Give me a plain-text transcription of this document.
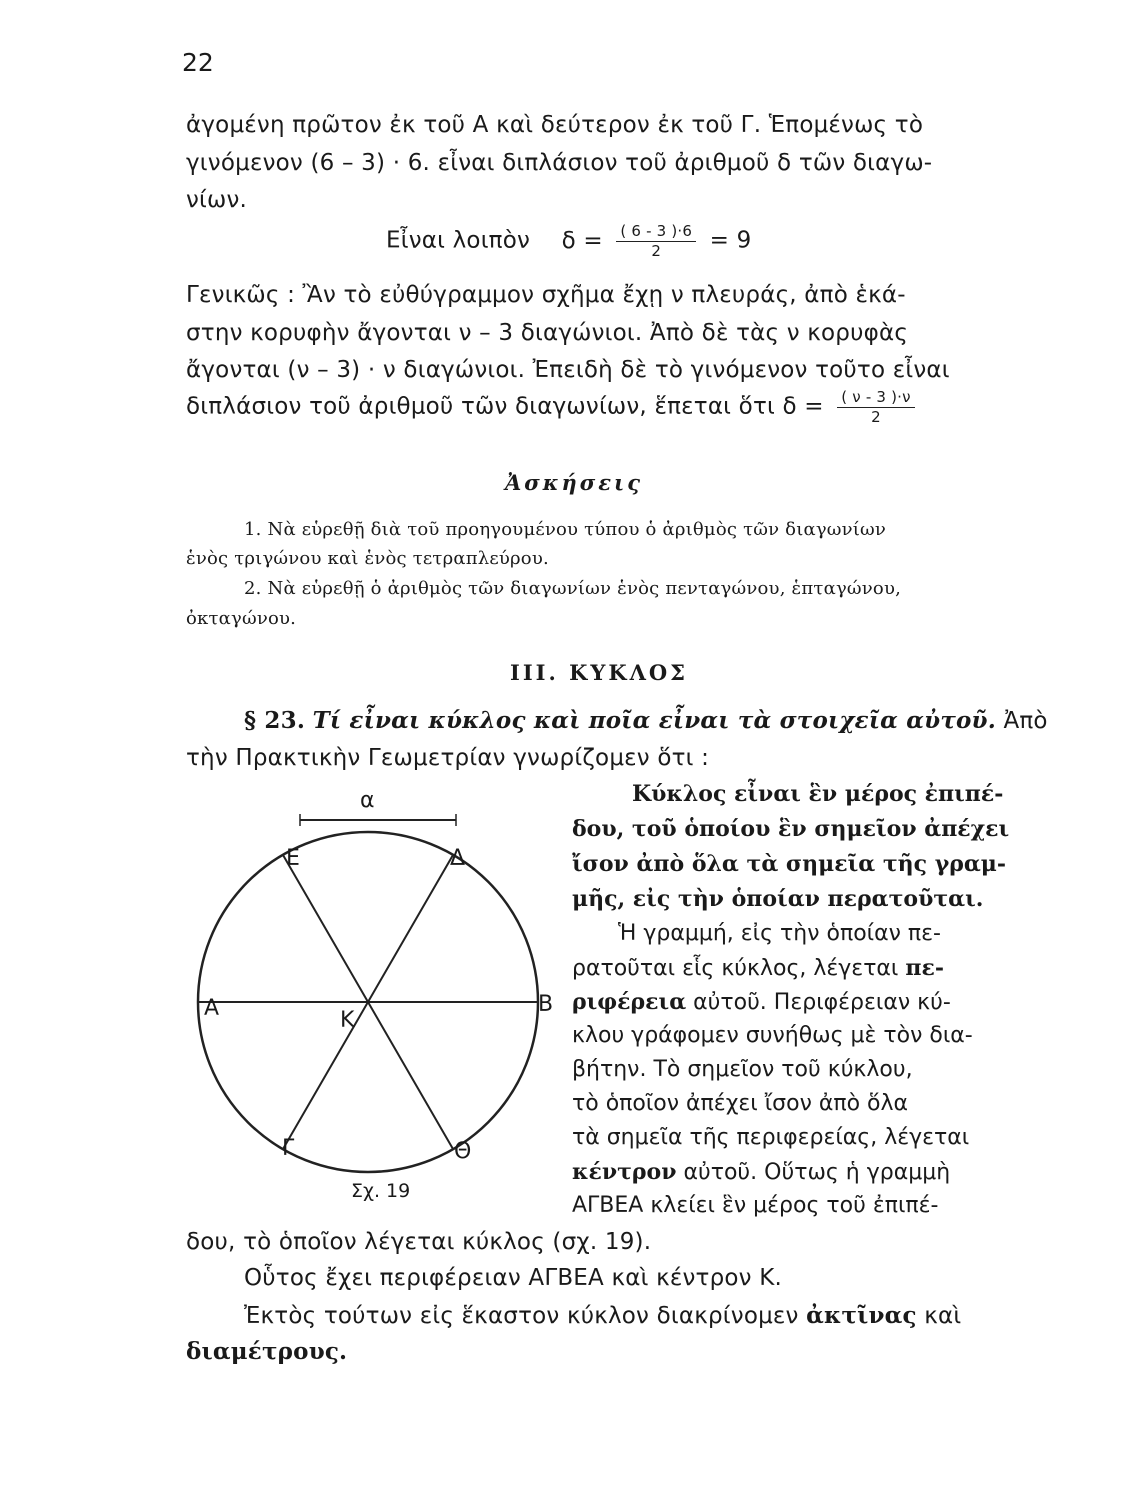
22
ἀγομένη πρῶτον ἐκ τοῦ Α καὶ δεύτερον ἐκ τοῦ Γ. Ἑπομένως τὸ
γινόμενον (6 – 3) · 6. εἶναι διπλάσιον τοῦ ἀριθμοῦ δ τῶν διαγω-
νίων.
Εἶναι λοιπὸν $\delta = \frac{( 6 - 3 )\cdot 6}{2} = 9$
Γενικῶς : Ἂν τὸ εὐθύγραμμον σχῆμα ἔχῃ ν πλευράς, ἀπὸ ἑκά-
στην κορυφὴν ἄγονται ν – 3 διαγώνιοι. Ἀπὸ δὲ τὰς ν κορυφὰς
ἄγονται (ν – 3) · ν διαγώνιοι. Ἐπειδὴ δὲ τὸ γινόμενον τοῦτο εἶναι
διπλάσιον τοῦ ἀριθμοῦ τῶν διαγωνίων, ἕπεται ὅτι $\delta = \frac{( \nu - 3 )\cdot\nu}{2}$
Ἀσκήσεις
1. Νὰ εὑρεθῇ διὰ τοῦ προηγουμένου τύπου ὁ ἀριθμὸς τῶν διαγωνίων
ἑνὸς τριγώνου καὶ ἑνὸς τετραπλεύρου.
2. Νὰ εὑρεθῇ ὁ ἀριθμὸς τῶν διαγωνίων ἑνὸς πενταγώνου, ἑπταγώνου,
ὀκταγώνου.
ΙΙΙ. ΚΥΚΛΟΣ
§ 23. Τί εἶναι κύκλος καὶ ποῖα εἶναι τὰ στοιχεῖα αὐτοῦ. Ἀπὸ
τὴν Πρακτικὴν Γεωμετρίαν γνωρίζομεν ὅτι :
Κύκλος εἶναι ἓν μέρος ἐπιπέ-
δου, τοῦ ὁποίου ἓν σημεῖον ἀπέχει
ἴσον ἀπὸ ὅλα τὰ σημεῖα τῆς γραμ-
μῆς, εἰς τὴν ὁποίαν περατοῦται.
Ἡ γραμμή, εἰς τὴν ὁποίαν πε-
ρατοῦται εἷς κύκλος, λέγεται πε-
ριφέρεια αὐτοῦ. Περιφέρειαν κύ-
κλου γράφομεν συνήθως μὲ τὸν δια-
βήτην. Τὸ σημεῖον τοῦ κύκλου,
τὸ ὁποῖον ἀπέχει ἴσον ἀπὸ ὅλα
τὰ σημεῖα τῆς περιφερείας, λέγεται
κέντρον αὐτοῦ. Οὕτως ἡ γραμμὴ
ΑΓΒΕΑ κλείει ἓν μέρος τοῦ ἐπιπέ-
α
Ε	Δ
Α	Β
Κ
Γ	Θ
Σχ. 19
δου, τὸ ὁποῖον λέγεται κύκλος (σχ. 19).
Οὗτος ἔχει περιφέρειαν ΑΓΒΕΑ καὶ κέντρον Κ.
Ἐκτὸς τούτων εἰς ἕκαστον κύκλον διακρίνομεν ἀκτῖνας καὶ
διαμέτρους.
